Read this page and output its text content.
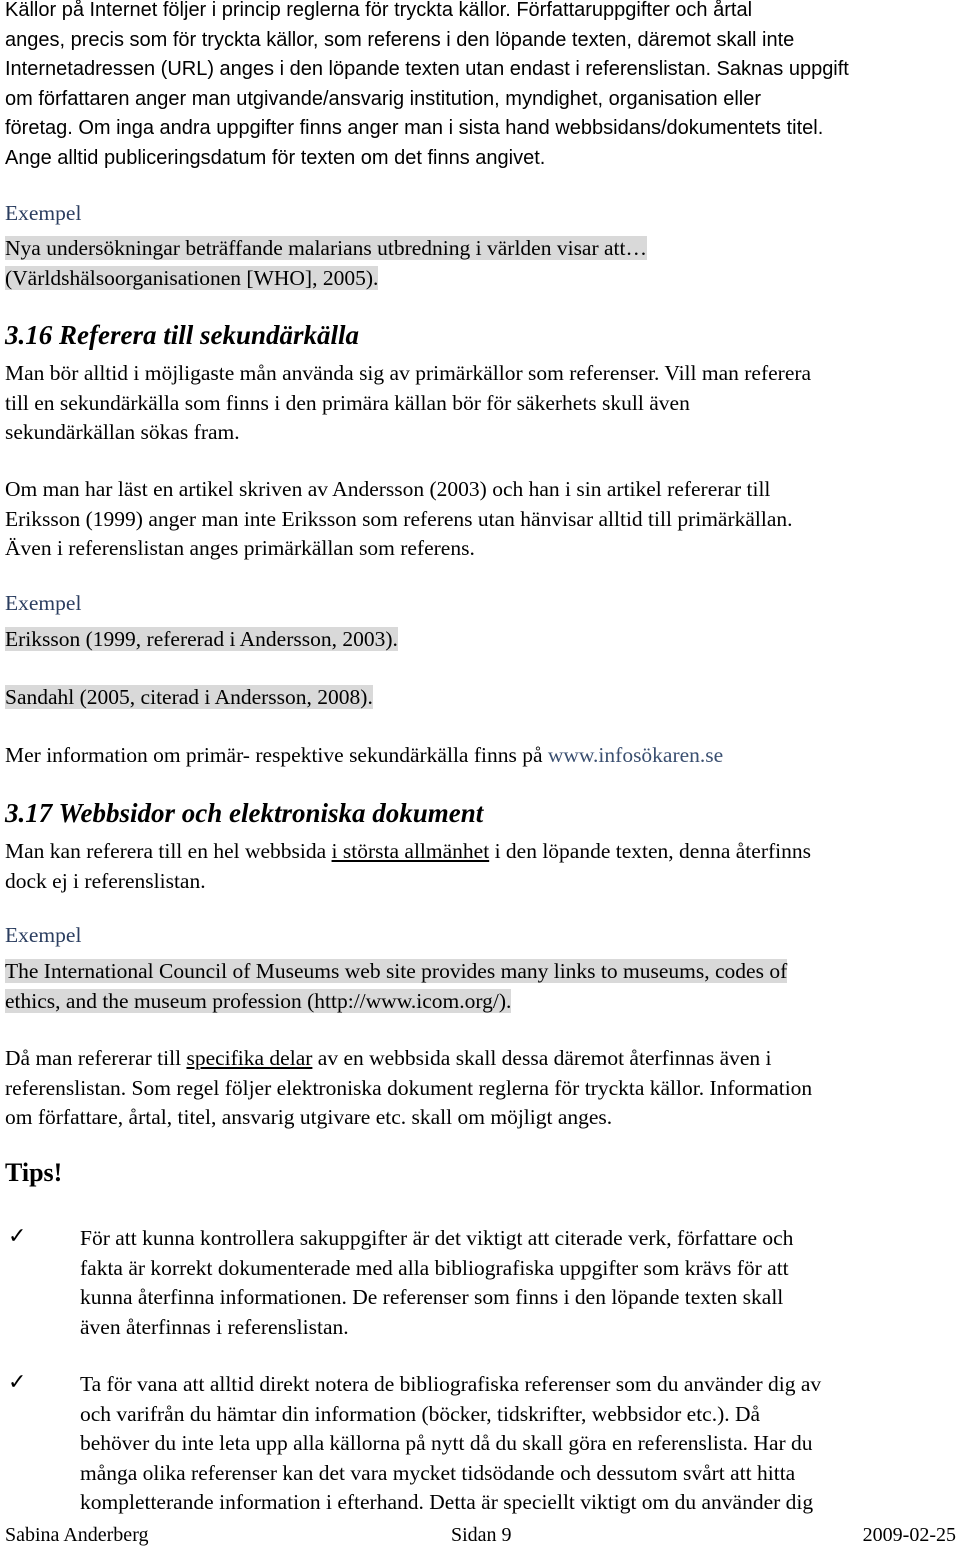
Källor på Internet följer i princip reglerna för tryckta källor. Författaruppgifter och årtal
anges, precis som för tryckta källor, som referens i den löpande texten, däremot skall inte
Internetadressen (URL) anges i den löpande texten utan endast i referenslistan. Saknas uppgift
om författaren anger man utgivande/ansvarig institution, myndighet, organisation eller
företag. Om inga andra uppgifter finns anger man i sista hand webbsidans/dokumentets titel.
Ange alltid publiceringsdatum för texten om det finns angivet.
Exempel
Nya undersökningar beträffande malarians utbredning i världen visar att…
(Världshälsoorganisationen [WHO], 2005).
3.16 Referera till sekundärkälla
Man bör alltid i möjligaste mån använda sig av primärkällor som referenser. Vill man referera
till en sekundärkälla som finns i den primära källan bör för säkerhets skull även
sekundärkällan sökas fram.
Om man har läst en artikel skriven av Andersson (2003) och han i sin artikel refererar till
Eriksson (1999) anger man inte Eriksson som referens utan hänvisar alltid till primärkällan.
Även i referenslistan anges primärkällan som referens.
Exempel
Eriksson (1999, refererad i Andersson, 2003).
Sandahl (2005, citerad i Andersson, 2008).
Mer information om primär- respektive sekundärkälla finns på www.infosökaren.se
3.17 Webbsidor och elektroniska dokument
Man kan referera till en hel webbsida i största allmänhet i den löpande texten, denna återfinns
dock ej i referenslistan.
Exempel
The International Council of Museums web site provides many links to museums, codes of
ethics, and the museum profession (http://www.icom.org/).
Då man refererar till specifika delar av en webbsida skall dessa däremot återfinnas även i
referenslistan. Som regel följer elektroniska dokument reglerna för tryckta källor. Information
om författare, årtal, titel, ansvarig utgivare etc. skall om möjligt anges.
Tips!
✓ För att kunna kontrollera sakuppgifter är det viktigt att citerade verk, författare och
fakta är korrekt dokumenterade med alla bibliografiska uppgifter som krävs för att
kunna återfinna informationen. De referenser som finns i den löpande texten skall
även återfinnas i referenslistan.
✓ Ta för vana att alltid direkt notera de bibliografiska referenser som du använder dig av
och varifrån du hämtar din information (böcker, tidskrifter, webbsidor etc.). Då
behöver du inte leta upp alla källorna på nytt då du skall göra en referenslista. Har du
många olika referenser kan det vara mycket tidsödande och dessutom svårt att hitta
kompletterande information i efterhand. Detta är speciellt viktigt om du använder dig
Sabina Anderberg	Sidan 9	2009-02-25
